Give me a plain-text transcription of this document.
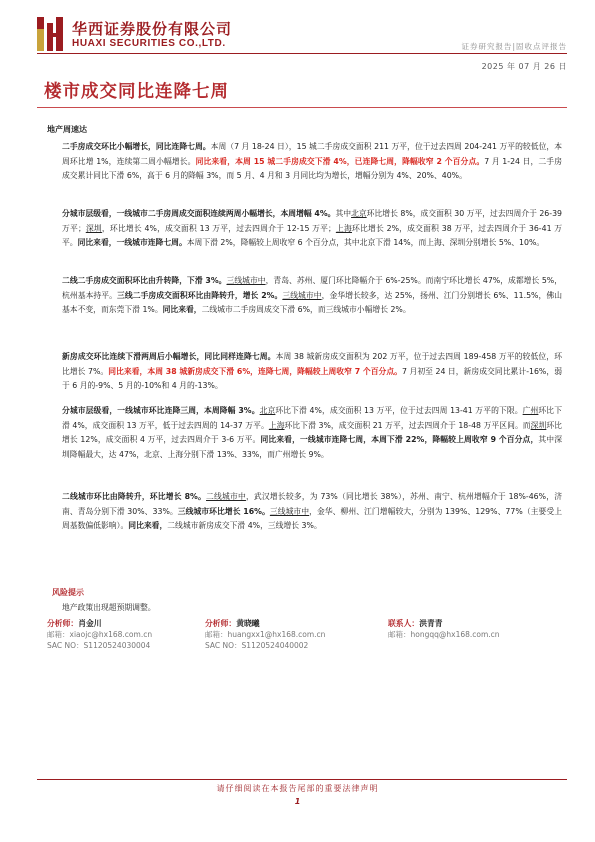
华西证券股份有限公司
HUAXI SECURITIES CO.,LTD.	证券研究报告|固收点评报告
2025 年 07 月 26 日
楼市成交同比连降七周
地产周速达
二手房成交环比小幅增长，同比连降七周。本周（7 月 18-24 日），15 城二手房成交面积 211 万平，位于过去四周 204-241 万平的较低位，本周环比增 1%，连续第二周小幅增长。同比来看，本周 15 城二手房成交下滑 4%，已连降七周，降幅收窄 2 个百分点。7 月 1-24 日，二手房成交累计同比下滑 6%，高于 6 月的降幅 3%，而 5 月、4 月和 3 月同比均为增长，增幅分别为 4%、20%、40%。
分城市层级看，一线城市二手房周成交面积连续两周小幅增长，本周增幅 4%。其中北京环比增长 8%，成交面积 30 万平，过去四周介于 26-39 万平；深圳，环比增长 4%，成交面积 13 万平，过去四周介于 12-15 万平；上海环比增长 2%，成交面积 38 万平，过去四周介于 36-41 万平。同比来看，一线城市连降七周。本周下滑 2%，降幅较上周收窄 6 个百分点，其中北京下滑 14%，而上海、深圳分别增长 5%、10%。
二线二手房成交面积环比由升转降，下滑 3%。三线城市中，青岛、苏州、厦门环比降幅介于 6%-25%。而南宁环比增长 47%，成都增长 5%，杭州基本持平。三线二手房成交面积环比由降转升，增长 2%。三线城市中，金华增长较多，达 25%，扬州、江门分别增长 6%、11.5%，佛山基本不变，而东莞下滑 1%。同比来看，二线城市二手房周成交下滑 6%，而三线城市小幅增长 2%。
新房成交环比连续下滑两周后小幅增长，同比同样连降七周。本周 38 城新房成交面积为 202 万平，位于过去四周 189-458 万平的较低位，环比增长 7%。同比来看，本周 38 城新房成交下滑 6%，连降七周，降幅较上周收窄 7 个百分点。7 月初至 24 日，新房成交同比累计-16%，弱于 6 月的-9%、5 月的-10%和 4 月的-13%。
分城市层级看，一线城市环比连降三周，本周降幅 3%。北京环比下滑 4%，成交面积 13 万平，位于过去四周 13-41 万平的下限。广州环比下滑 4%，成交面积 13 万平，低于过去四周的 14-37 万平。上海环比下滑 3%，成交面积 21 万平，过去四周介于 18-48 万平区间。而深圳环比增长 12%，成交面积 4 万平，过去四周介于 3-6 万平。同比来看，一线城市连降七周，本周下滑 22%，降幅较上周收窄 9 个百分点，其中深圳降幅最大，达 47%，北京、上海分别下滑 13%、33%，而广州增长 9%。
二线城市环比由降转升，环比增长 8%。二线城市中，武汉增长较多，为 73%（同比增长 38%），苏州、南宁、杭州增幅介于 18%-46%，济南、青岛分别下滑 30%、33%。三线城市环比增长 16%。三线城市中，金华、柳州、江门增幅较大，分别为 139%、129%、77%（主要受上周基数偏低影响）。同比来看，二线城市新房成交下滑 4%，三线增长 3%。
风险提示
地产政策出现超预期调整。
分析师：肖金川
邮箱：xiaojc@hx168.com.cn
SAC NO：S1120524030004
分析师：黄晓曦
邮箱：huangxx1@hx168.com.cn
SAC NO：S1120524040002
联系人：洪青青
邮箱：hongqq@hx168.com.cn
请仔细阅读在本报告尾部的重要法律声明
1
